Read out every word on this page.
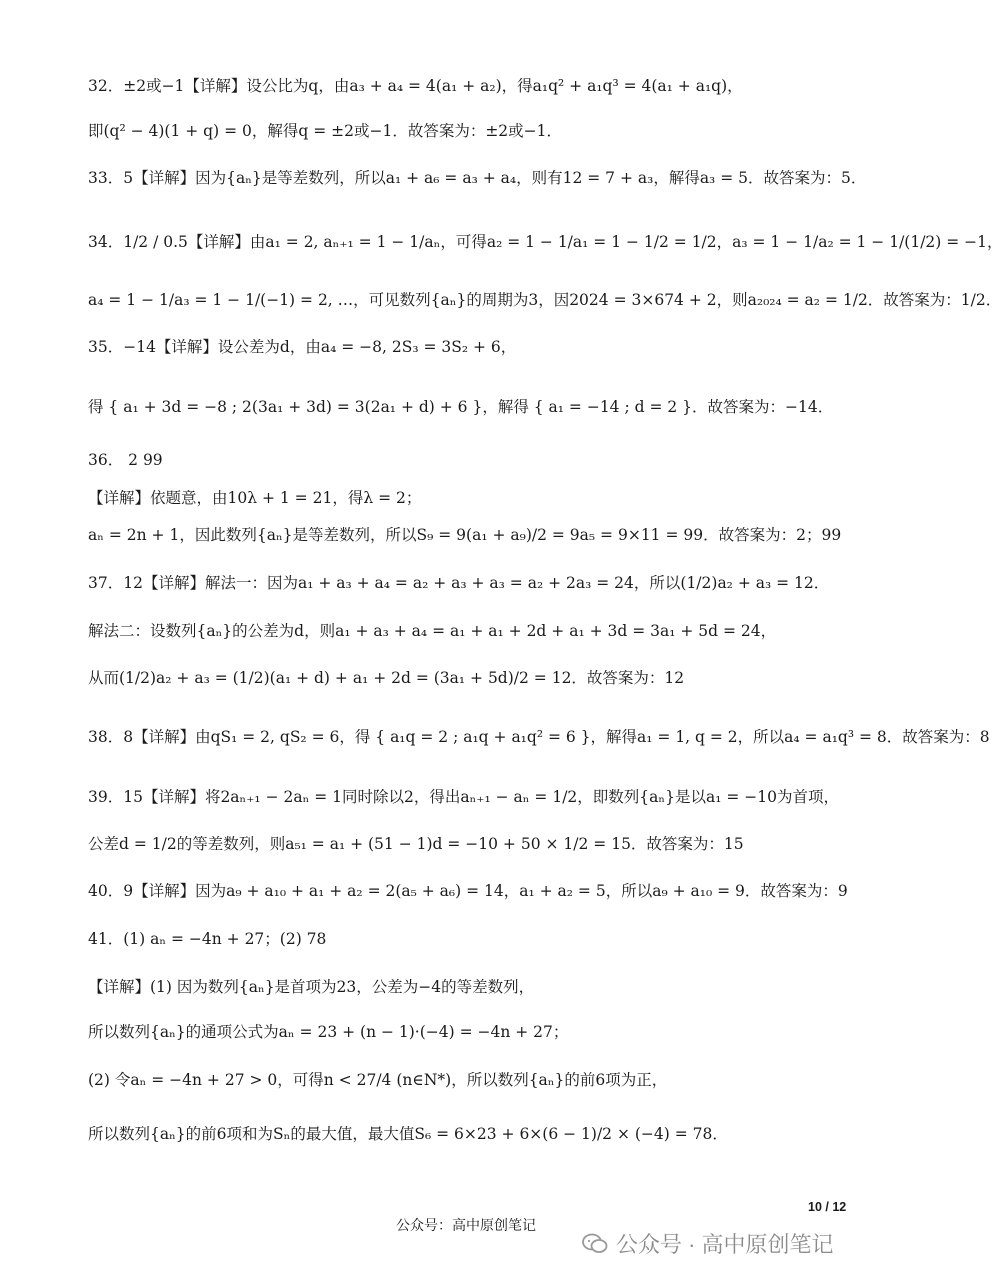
32．±2或−1【详解】设公比为q，由a₃ + a₄ = 4(a₁ + a₂)，得a₁q² + a₁q³ = 4(a₁ + a₁q)，
即(q² − 4)(1 + q) = 0，解得q = ±2或−1．故答案为：±2或−1．
33．5【详解】因为{aₙ}是等差数列，所以a₁ + a₆ = a₃ + a₄，则有12 = 7 + a₃，解得a₃ = 5．故答案为：5．
34．1/2 / 0.5【详解】由a₁ = 2, aₙ₊₁ = 1 − 1/aₙ，可得a₂ = 1 − 1/a₁ = 1 − 1/2 = 1/2，a₃ = 1 − 1/a₂ = 1 − 1/(1/2) = −1，
a₄ = 1 − 1/a₃ = 1 − 1/(−1) = 2, …，可见数列{aₙ}的周期为3，因2024 = 3×674 + 2，则a₂₀₂₄ = a₂ = 1/2．故答案为：1/2．
35．−14【详解】设公差为d，由a₄ = −8, 2S₃ = 3S₂ + 6，
得 { a₁ + 3d = −8 ; 2(3a₁ + 3d) = 3(2a₁ + d) + 6 }，解得 { a₁ = −14 ; d = 2 }．故答案为：−14．
36． 2 99
【详解】依题意，由10λ + 1 = 21，得λ = 2；
aₙ = 2n + 1，因此数列{aₙ}是等差数列，所以S₉ = 9(a₁ + a₉)/2 = 9a₅ = 9×11 = 99．故答案为：2；99
37．12【详解】解法一：因为a₁ + a₃ + a₄ = a₂ + a₃ + a₃ = a₂ + 2a₃ = 24，所以(1/2)a₂ + a₃ = 12．
解法二：设数列{aₙ}的公差为d，则a₁ + a₃ + a₄ = a₁ + a₁ + 2d + a₁ + 3d = 3a₁ + 5d = 24，
从而(1/2)a₂ + a₃ = (1/2)(a₁ + d) + a₁ + 2d = (3a₁ + 5d)/2 = 12．故答案为：12
38．8【详解】由qS₁ = 2, qS₂ = 6，得 { a₁q = 2 ; a₁q + a₁q² = 6 }，解得a₁ = 1, q = 2，所以a₄ = a₁q³ = 8．故答案为：8
39．15【详解】将2aₙ₊₁ − 2aₙ = 1同时除以2，得出aₙ₊₁ − aₙ = 1/2，即数列{aₙ}是以a₁ = −10为首项，
公差d = 1/2的等差数列，则a₅₁ = a₁ + (51 − 1)d = −10 + 50 × 1/2 = 15．故答案为：15
40．9【详解】因为a₉ + a₁₀ + a₁ + a₂ = 2(a₅ + a₆) = 14，a₁ + a₂ = 5，所以a₉ + a₁₀ = 9．故答案为：9
41．(1) aₙ = −4n + 27；(2) 78
【详解】(1) 因为数列{aₙ}是首项为23，公差为−4的等差数列，
所以数列{aₙ}的通项公式为aₙ = 23 + (n − 1)·(−4) = −4n + 27；
(2) 令aₙ = −4n + 27 > 0，可得n < 27/4 (n∈N*)，所以数列{aₙ}的前6项为正，
所以数列{aₙ}的前6项和为Sₙ的最大值，最大值S₆ = 6×23 + 6×(6 − 1)/2 × (−4) = 78．
10 / 12
公众号：高中原创笔记
公众号 · 高中原创笔记
